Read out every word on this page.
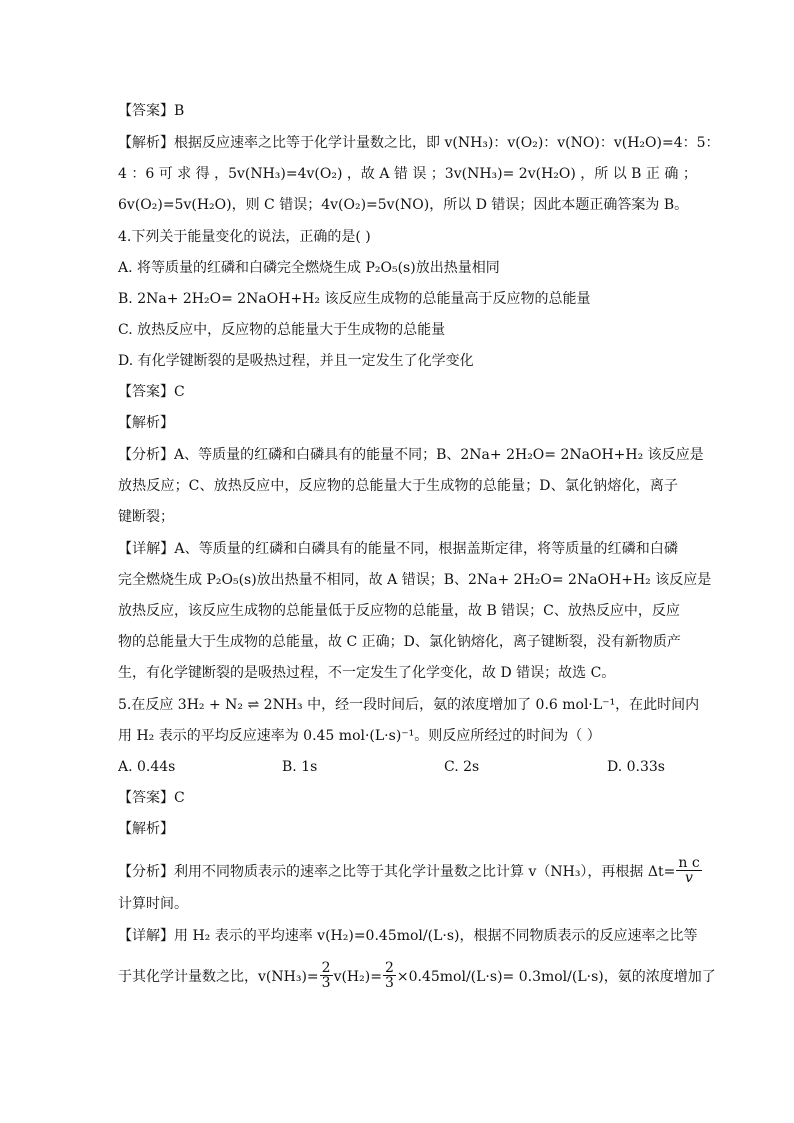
【答案】B
【解析】根据反应速率之比等于化学计量数之比，即 v(NH₃)：v(O₂)：v(NO)：v(H₂O)=4：5：
4 ：6 可 求 得 ，5v(NH₃)=4v(O₂) ，故 A 错 误 ；3v(NH₃)= 2v(H₂O) ，所 以 B 正 确 ；
6v(O₂)=5v(H₂O)，则 C 错误；4v(O₂)=5v(NO)，所以 D 错误；因此本题正确答案为 B。
4.下列关于能量变化的说法，正确的是( )
A. 将等质量的红磷和白磷完全燃烧生成 P₂O₅(s)放出热量相同
B. 2Na+ 2H₂O= 2NaOH+H₂ 该反应生成物的总能量高于反应物的总能量
C. 放热反应中，反应物的总能量大于生成物的总能量
D. 有化学键断裂的是吸热过程，并且一定发生了化学变化
【答案】C
【解析】
【分析】A、等质量的红磷和白磷具有的能量不同；B、2Na+ 2H₂O= 2NaOH+H₂ 该反应是
放热反应；C、放热反应中，反应物的总能量大于生成物的总能量；D、氯化钠熔化，离子
键断裂；
【详解】A、等质量的红磷和白磷具有的能量不同，根据盖斯定律，将等质量的红磷和白磷
完全燃烧生成 P₂O₅(s)放出热量不相同，故 A 错误；B、2Na+ 2H₂O= 2NaOH+H₂ 该反应是
放热反应，该反应生成物的总能量低于反应物的总能量，故 B 错误；C、放热反应中，反应
物的总能量大于生成物的总能量，故 C 正确；D、氯化钠熔化，离子键断裂，没有新物质产
生，有化学键断裂的是吸热过程，不一定发生了化学变化，故 D 错误；故选 C。
5.在反应 3H₂ + N₂ ⇌ 2NH₃ 中，经一段时间后，氨的浓度增加了 0.6 mol·L⁻¹，在此时间内
用 H₂ 表示的平均反应速率为 0.45 mol·(L·s)⁻¹。则反应所经过的时间为（ ）
A. 0.44s	B. 1s	C. 2s	D. 0.33s
【答案】C
【解析】
【分析】利用不同物质表示的速率之比等于其化学计量数之比计算 v（NH₃），再根据 $\Delta t= \frac{\text{n c}}{v}$
计算时间。
【详解】用 H₂ 表示的平均速率 v(H₂)=0.45mol/(L·s)，根据不同物质表示的反应速率之比等
于其化学计量数之比，$v(NH_3)= \frac{2}{3} v(H_2)= \frac{2}{3} \times 0.45mol/(L\cdot s)= 0.3mol/(L\cdot s)$，氨的浓度增加了
